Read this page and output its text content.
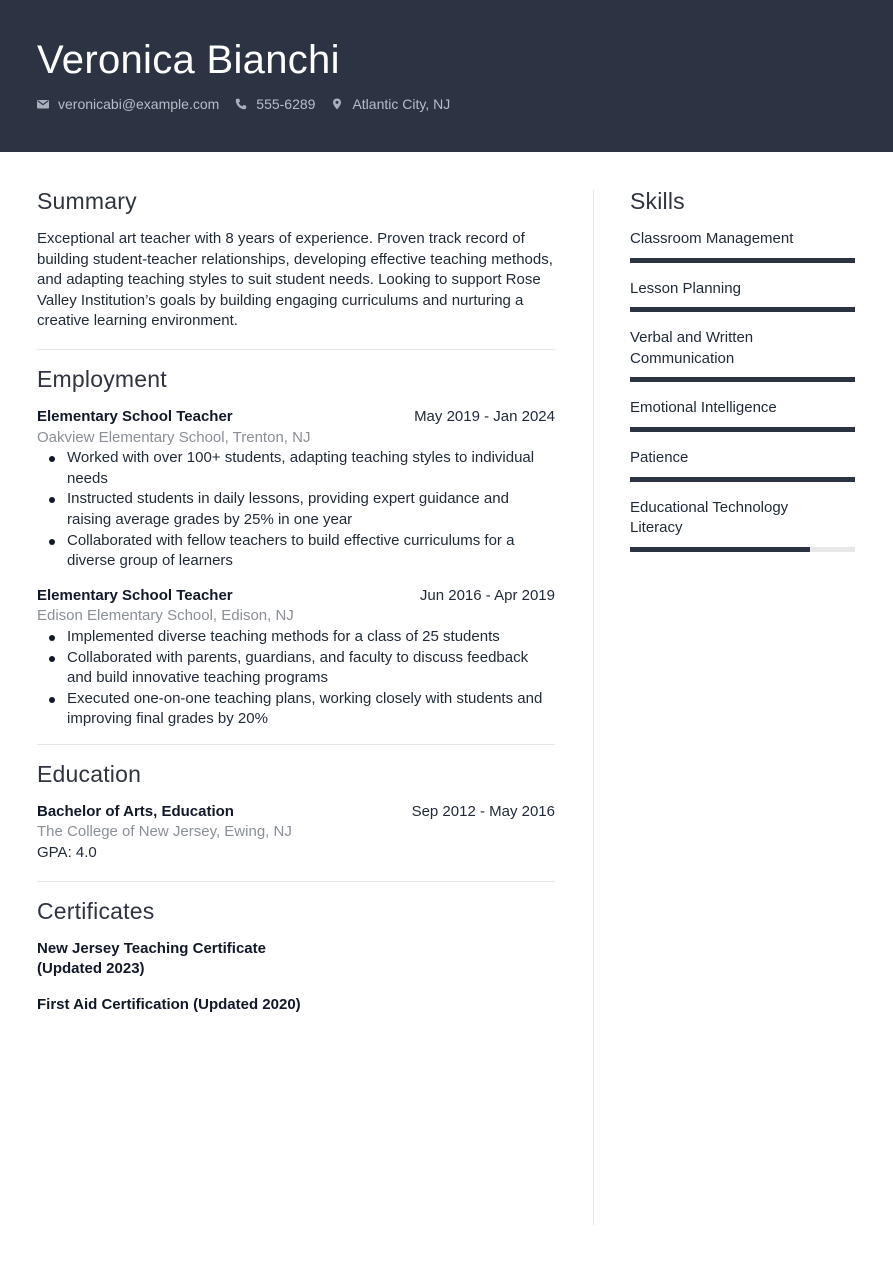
Veronica Bianchi
veronicabi@example.com	555-6289	Atlantic City, NJ
Summary

Exceptional art teacher with 8 years of experience. Proven track record of building student-teacher relationships, developing effective teaching methods, and adapting teaching styles to suit student needs. Looking to support Rose Valley Institution’s goals by building engaging curriculums and nurturing a creative learning environment.

Employment
Elementary School Teacher	May 2019 - Jan 2024
Oakview Elementary School, Trenton, NJ
Worked with over 100+ students, adapting teaching styles to individual needs
Instructed students in daily lessons, providing expert guidance and raising average grades by 25% in one year
Collaborated with fellow teachers to build effective curriculums for a diverse group of learners
Elementary School Teacher	Jun 2016 - Apr 2019
Edison Elementary School, Edison, NJ
Implemented diverse teaching methods for a class of 25 students
Collaborated with parents, guardians, and faculty to discuss feedback and build innovative teaching programs
Executed one-on-one teaching plans, working closely with students and improving final grades by 20%
Education
Bachelor of Arts, Education	Sep 2012 - May 2016
The College of New Jersey, Ewing, NJ
GPA: 4.0
Certificates
New Jersey Teaching Certificate (Updated 2023)
First Aid Certification (Updated 2020)
Skills
Classroom Management
Lesson Planning
Verbal and Written Communication
Emotional Intelligence
Patience
Educational Technology Literacy
